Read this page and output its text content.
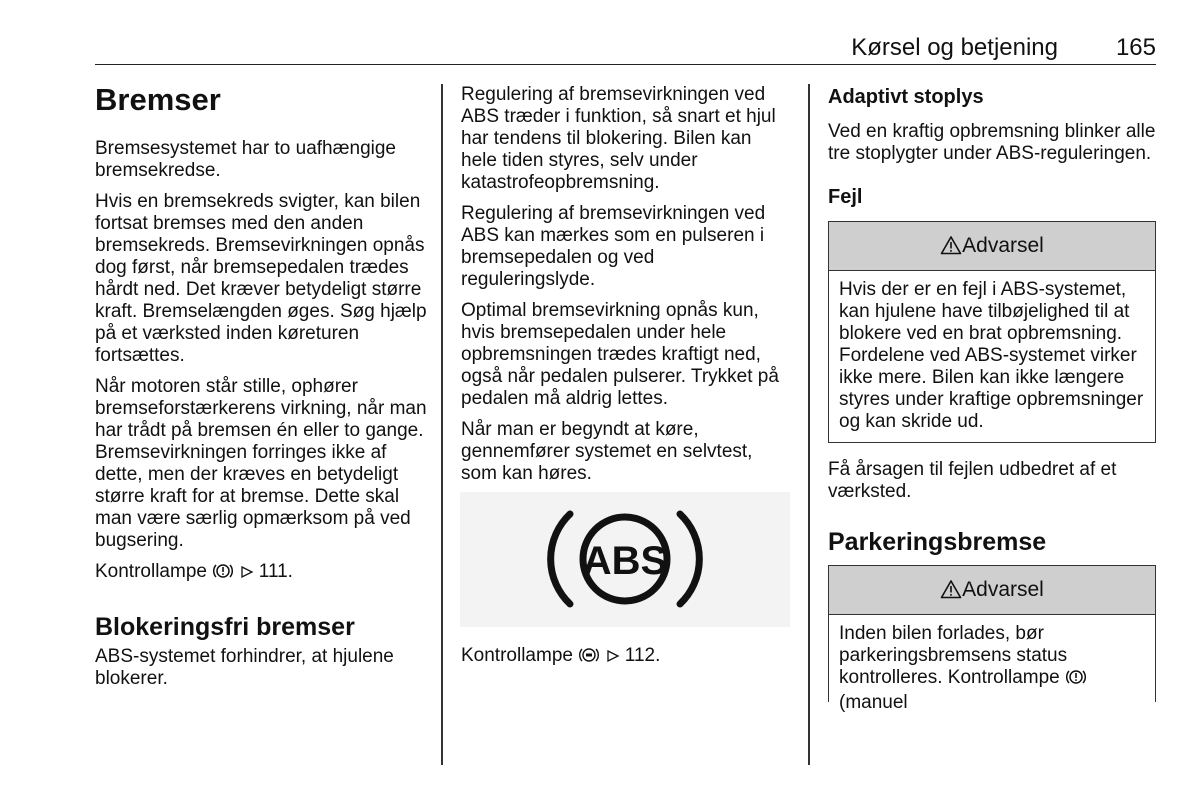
Kørsel og betjening 165
Bremser

Bremsesystemet har to uafhængige bremsekredse.

Hvis en bremsekreds svigter, kan bilen fortsat bremses med den anden bremsekreds. Bremsevirkningen opnås dog først, når bremsepedalen trædes hårdt ned. Det kræver betydeligt større kraft. Bremselængden øges. Søg hjælp på et værksted inden køreturen fortsættes.

Når motoren står stille, ophører bremseforstærkerens virkning, når man har trådt på bremsen én eller to gange. Bremsevirkningen forringes ikke af dette, men der kræves en betydeligt større kraft for at bremse. Dette skal man være særlig opmærksom på ved bugsering.

Kontrollampe	111.

Blokeringsfri bremser

ABS-systemet forhindrer, at hjulene blokerer.

Regulering af bremsevirkningen ved ABS træder i funktion, så snart et hjul har tendens til blokering. Bilen kan hele tiden styres, selv under katastrofeopbremsning.

Regulering af bremsevirkningen ved ABS kan mærkes som en pulseren i bremsepedalen og ved reguleringslyde.

Optimal bremsevirkning opnås kun, hvis bremsepedalen under hele opbremsningen trædes kraftigt ned, også når pedalen pulserer. Trykket på pedalen må aldrig lettes.

Når man er begyndt at køre, gennemfører systemet en selvtest, som kan høres.

ABS

Kontrollampe	112.

Adaptivt stoplys

Ved en kraftig opbremsning blinker alle tre stoplygter under ABS-reguleringen.

Fejl
Advarsel

Hvis der er en fejl i ABS-systemet, kan hjulene have tilbøjelighed til at blokere ved en brat opbremsning. Fordelene ved ABS-systemet virker ikke mere. Bilen kan ikke længere styres under kraftige opbremsninger og kan skride ud.

Få årsagen til fejlen udbedret af et værksted.

Parkeringsbremse
Advarsel

Inden bilen forlades, bør parkeringsbremsens status kontrolleres. Kontrollampe  (manuel
